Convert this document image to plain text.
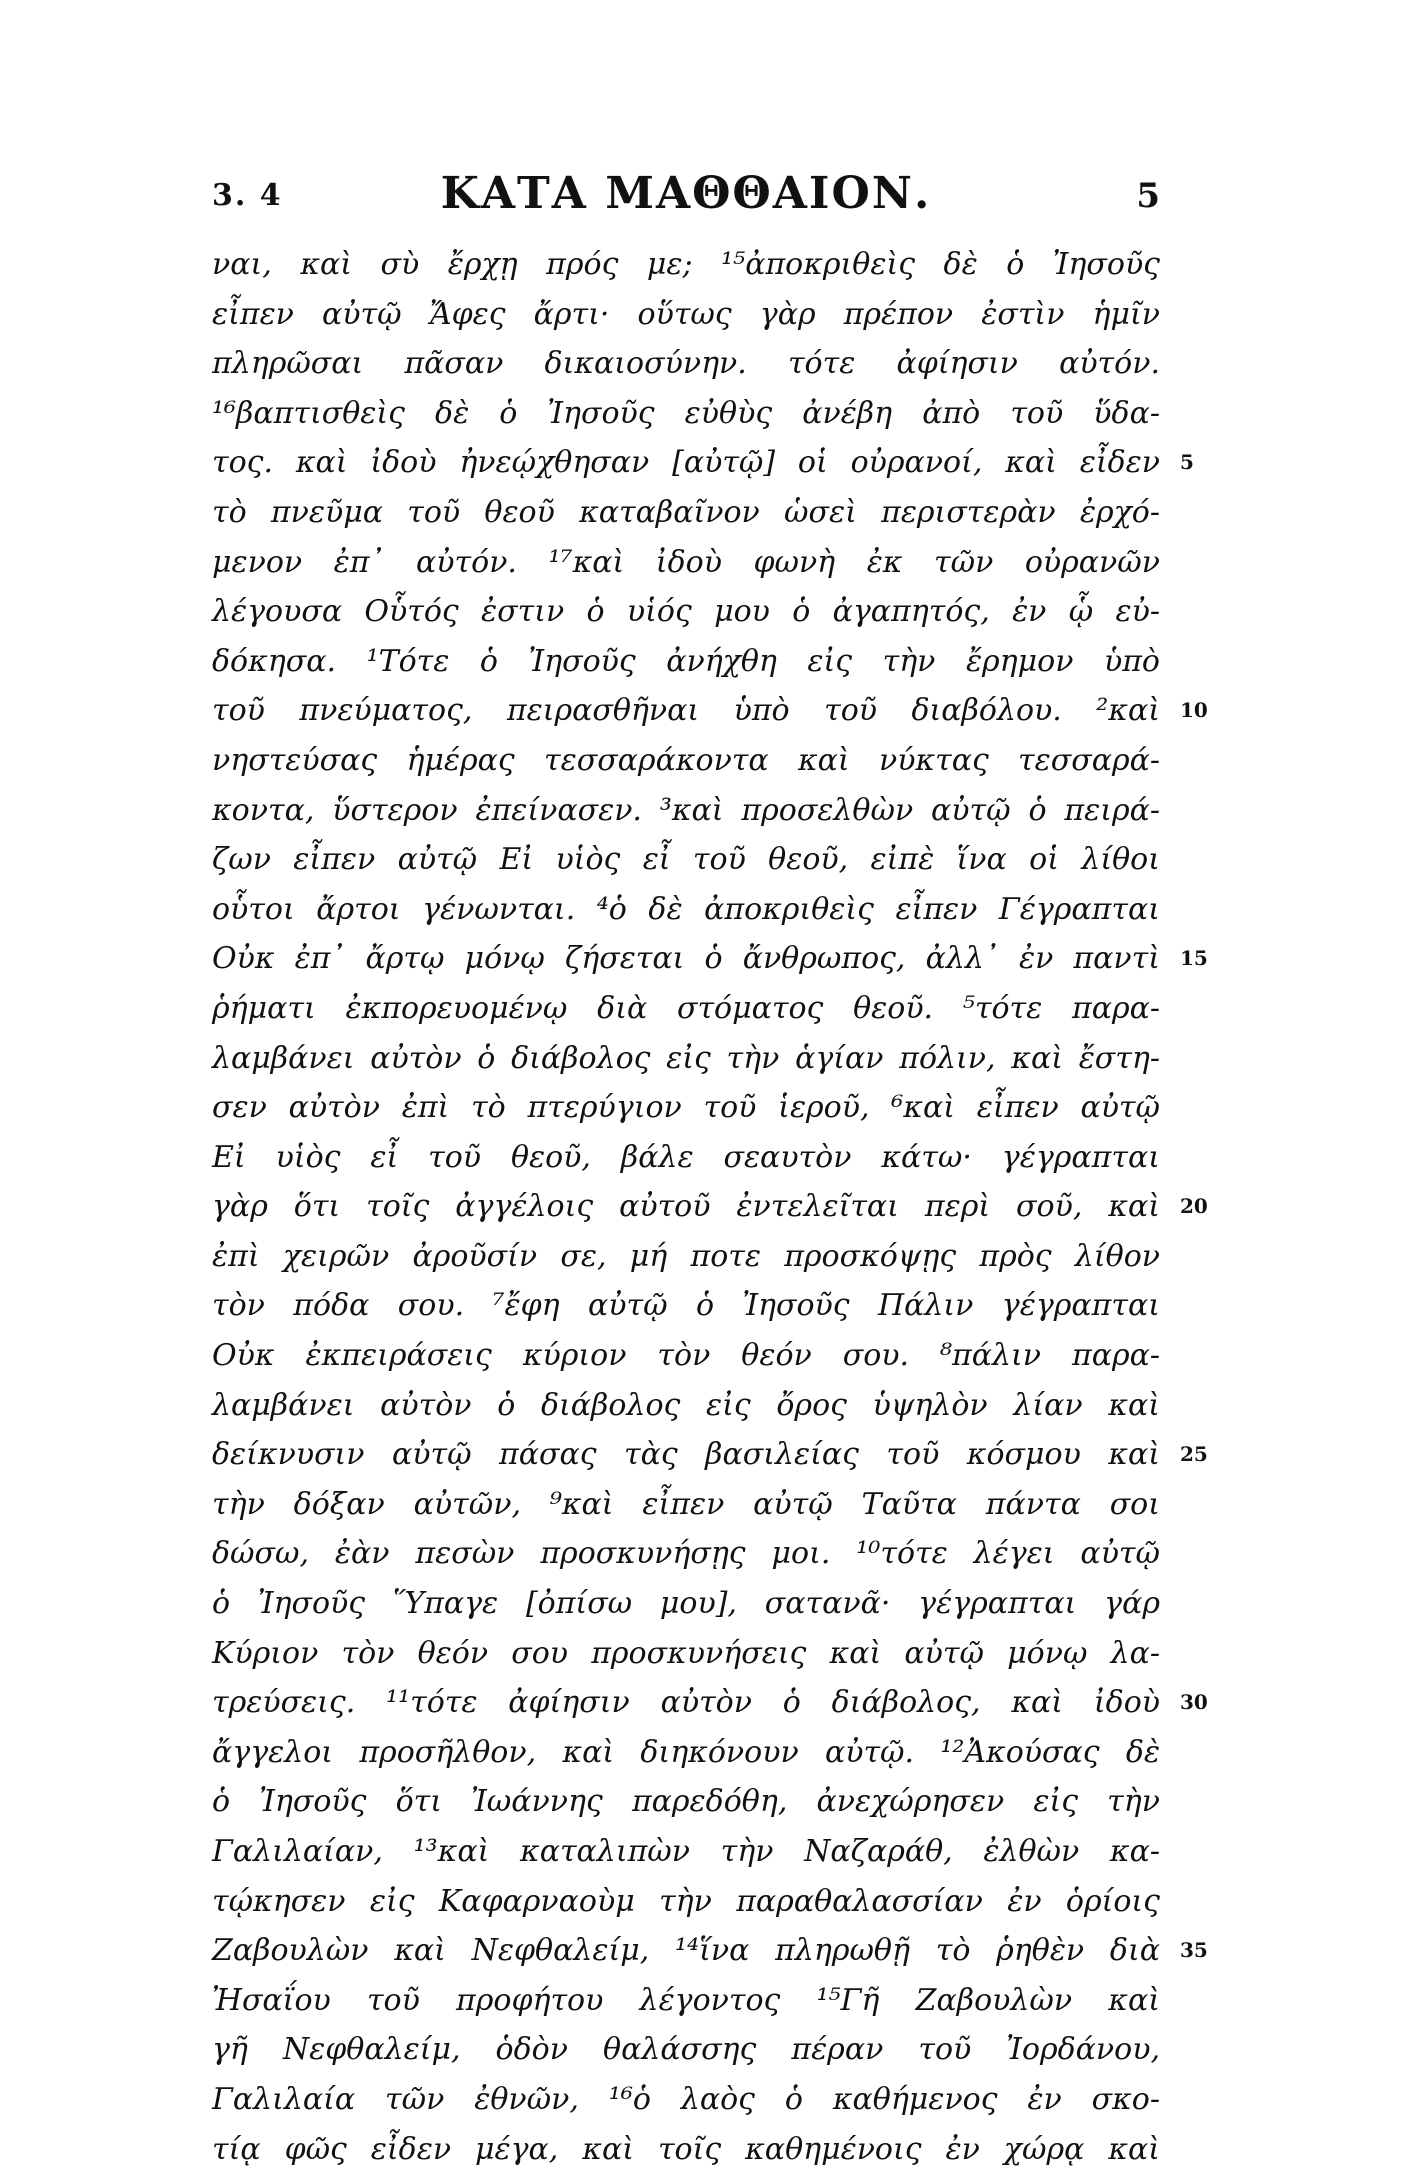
3. 4	ΚΑΤΑ ΜΑΘΘΑΙΟΝ.	5
ναι, καὶ σὺ ἔρχῃ πρός με; ¹⁵ἀποκριθεὶς δὲ ὁ Ἰησοῦς
εἶπεν αὐτῷ Ἄφες ἄρτι· οὕτως γὰρ πρέπον ἐστὶν ἡμῖν
πληρῶσαι πᾶσαν δικαιοσύνην. τότε ἀφίησιν αὐτόν.
¹⁶βαπτισθεὶς δὲ ὁ Ἰησοῦς εὐθὺς ἀνέβη ἀπὸ τοῦ ὕδα-
τος. καὶ ἰδοὺ ἠνεῴχθησαν [αὐτῷ] οἱ οὐρανοί, καὶ εἶδεν 5
τὸ πνεῦμα τοῦ θεοῦ καταβαῖνον ὡσεὶ περιστερὰν ἐρχό-
μενον ἐπ᾽ αὐτόν. ¹⁷καὶ ἰδοὺ φωνὴ ἐκ τῶν οὐρανῶν
λέγουσα Οὗτός ἐστιν ὁ υἱός μου ὁ ἀγαπητός, ἐν ᾧ εὐ-
δόκησα. ¹Τότε ὁ Ἰησοῦς ἀνήχθη εἰς τὴν ἔρημον ὑπὸ
τοῦ πνεύματος, πειρασθῆναι ὑπὸ τοῦ διαβόλου. ²καὶ 10
νηστεύσας ἡμέρας τεσσαράκοντα καὶ νύκτας τεσσαρά-
κοντα, ὕστερον ἐπείνασεν. ³καὶ προσελθὼν αὐτῷ ὁ πειρά-
ζων εἶπεν αὐτῷ Εἰ υἱὸς εἶ τοῦ θεοῦ, εἰπὲ ἵνα οἱ λίθοι
οὗτοι ἄρτοι γένωνται. ⁴ὁ δὲ ἀποκριθεὶς εἶπεν Γέγραπται
Οὐκ ἐπ᾽ ἄρτῳ μόνῳ ζήσεται ὁ ἄνθρωπος, ἀλλ᾽ ἐν παντὶ 15
ῥήματι ἐκπορευομένῳ διὰ στόματος θεοῦ. ⁵τότε παρα-
λαμβάνει αὐτὸν ὁ διάβολος εἰς τὴν ἁγίαν πόλιν, καὶ ἔστη-
σεν αὐτὸν ἐπὶ τὸ πτερύγιον τοῦ ἱεροῦ, ⁶καὶ εἶπεν αὐτῷ
Εἰ υἱὸς εἶ τοῦ θεοῦ, βάλε σεαυτὸν κάτω· γέγραπται
γὰρ ὅτι τοῖς ἀγγέλοις αὐτοῦ ἐντελεῖται περὶ σοῦ, καὶ 20
ἐπὶ χειρῶν ἀροῦσίν σε, μή ποτε προσκόψῃς πρὸς λίθον
τὸν πόδα σου. ⁷ἔφη αὐτῷ ὁ Ἰησοῦς Πάλιν γέγραπται
Οὐκ ἐκπειράσεις κύριον τὸν θεόν σου. ⁸πάλιν παρα-
λαμβάνει αὐτὸν ὁ διάβολος εἰς ὄρος ὑψηλὸν λίαν καὶ
δείκνυσιν αὐτῷ πάσας τὰς βασιλείας τοῦ κόσμου καὶ 25
τὴν δόξαν αὐτῶν, ⁹καὶ εἶπεν αὐτῷ Ταῦτα πάντα σοι
δώσω, ἐὰν πεσὼν προσκυνήσῃς μοι. ¹⁰τότε λέγει αὐτῷ
ὁ Ἰησοῦς Ὕπαγε [ὀπίσω μου], σατανᾶ· γέγραπται γάρ
Κύριον τὸν θεόν σου προσκυνήσεις καὶ αὐτῷ μόνῳ λα-
τρεύσεις. ¹¹τότε ἀφίησιν αὐτὸν ὁ διάβολος, καὶ ἰδοὺ 30
ἄγγελοι προσῆλθον, καὶ διηκόνουν αὐτῷ. ¹²Ἀκούσας δὲ
ὁ Ἰησοῦς ὅτι Ἰωάννης παρεδόθη, ἀνεχώρησεν εἰς τὴν
Γαλιλαίαν, ¹³καὶ καταλιπὼν τὴν Ναζαράθ, ἐλθὼν κα-
τῴκησεν εἰς Καφαρναοὺμ τὴν παραθαλασσίαν ἐν ὁρίοις
Ζαβουλὼν καὶ Νεφθαλείμ, ¹⁴ἵνα πληρωθῇ τὸ ῥηθὲν διὰ 35
Ἠσαΐου τοῦ προφήτου λέγοντος ¹⁵Γῆ Ζαβουλὼν καὶ
γῆ Νεφθαλείμ, ὁδὸν θαλάσσης πέραν τοῦ Ἰορδάνου,
Γαλιλαία τῶν ἐθνῶν, ¹⁶ὁ λαὸς ὁ καθήμενος ἐν σκο-
τίᾳ φῶς εἶδεν μέγα, καὶ τοῖς καθημένοις ἐν χώρᾳ καὶ
